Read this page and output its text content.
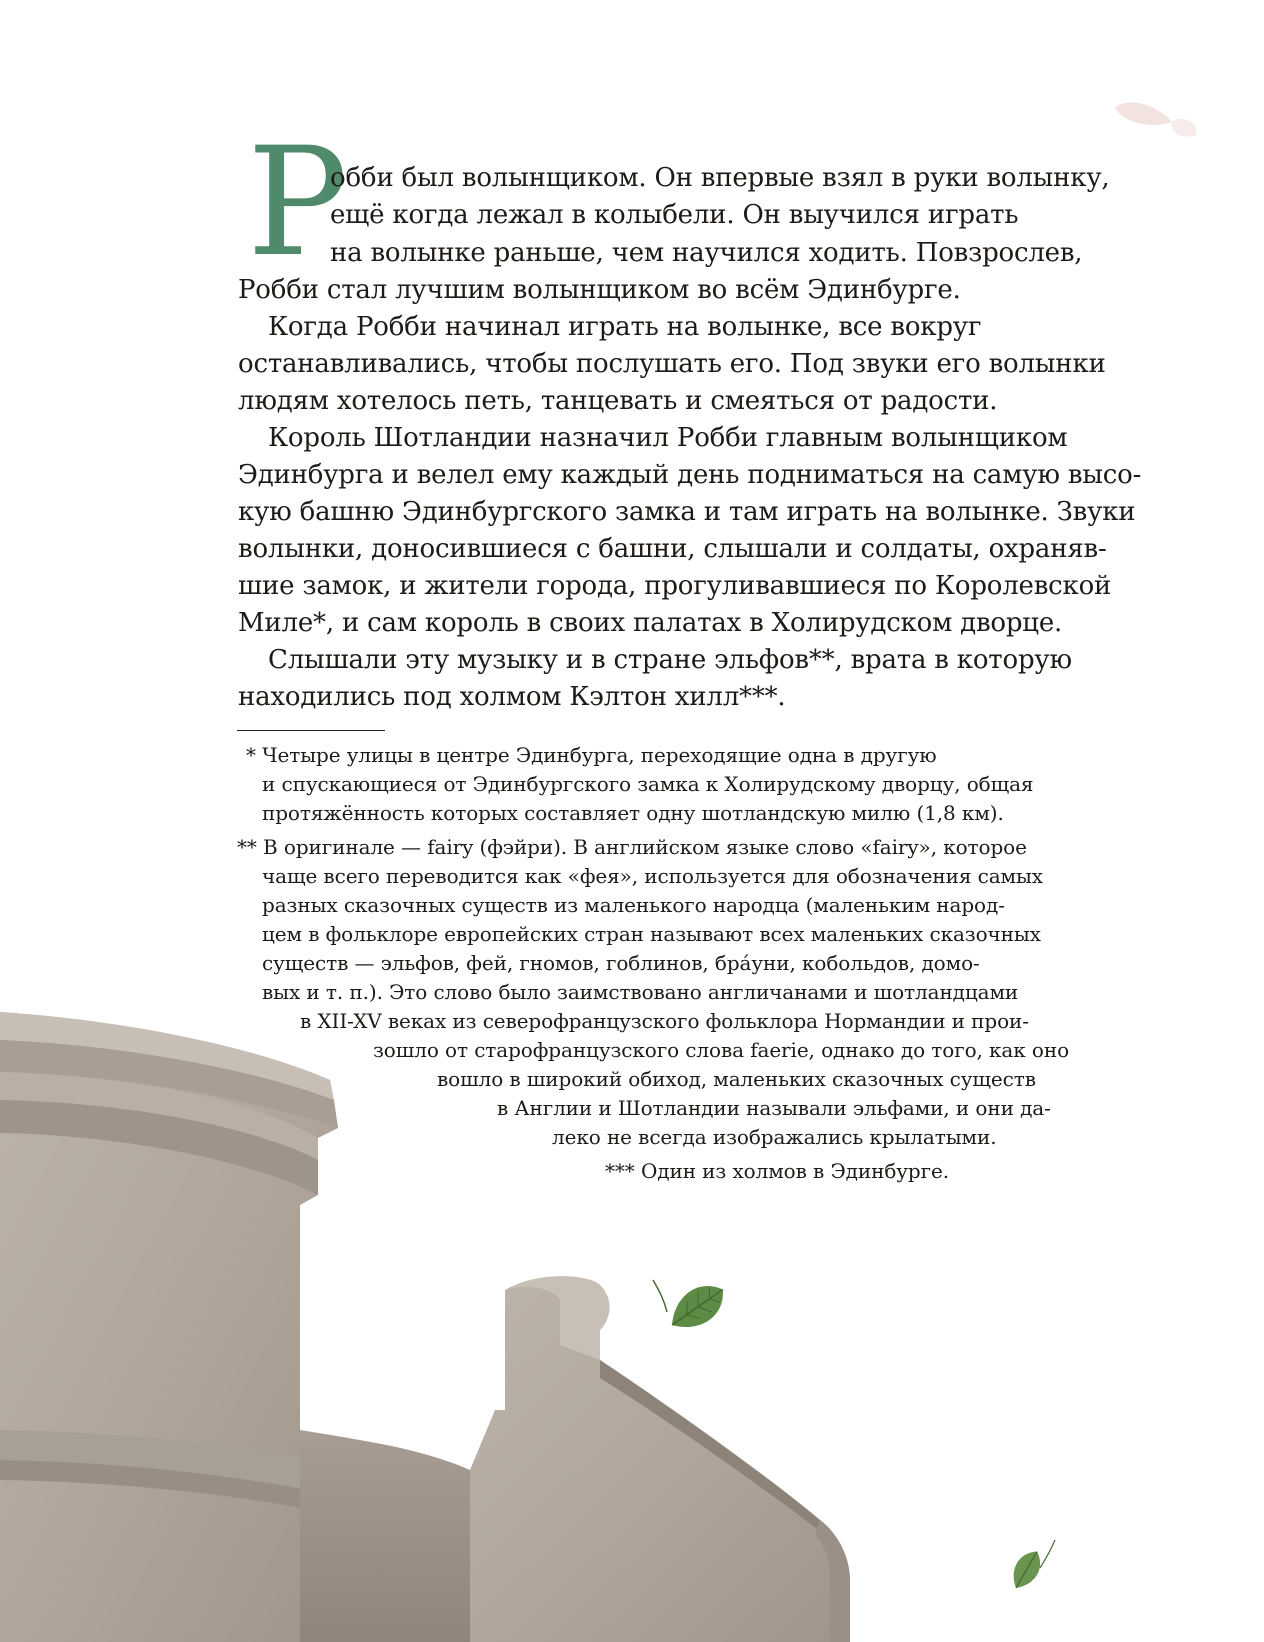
Р
обби был волынщиком. Он впервые взял в руки волынку,
ещё когда лежал в колыбели. Он выучился играть
на волынке раньше, чем научился ходить. Повзрослев,
Робби стал лучшим волынщиком во всём Эдинбурге.
Когда Робби начинал играть на волынке, все вокруг
останавливались, чтобы послушать его. Под звуки его волынки
людям хотелось петь, танцевать и смеяться от радости.
Король Шотландии назначил Робби главным волынщиком
Эдинбурга и велел ему каждый день подниматься на самую высо-
кую башню Эдинбургского замка и там играть на волынке. Звуки
волынки, доносившиеся с башни, слышали и солдаты, охраняв-
шие замок, и жители города, прогуливавшиеся по Королевской
Миле*, и сам король в своих палатах в Холирудском дворце.
Слышали эту музыку и в стране эльфов**, врата в которую
находились под холмом Кэлтон хилл***.
* Четыре улицы в центре Эдинбурга, переходящие одна в другую
и спускающиеся от Эдинбургского замка к Холирудскому дворцу, общая
протяжённость которых составляет одну шотландскую милю (1,8 км).
** В оригинале — fairy (фэйри). В английском языке слово «fairy», которое
чаще всего переводится как «фея», используется для обозначения самых
разных сказочных существ из маленького народца (маленьким народ-
цем в фольклоре европейских стран называют всех маленьких сказочных
существ — эльфов, фей, гномов, гоблинов, бра́уни, кобольдов, домо-
вых и т. п.). Это слово было заимствовано англичанами и шотландцами
в XII-XV веках из северофранцузского фольклора Нормандии и прои-
зошло от старофранцузского слова faerie, однако до того, как оно
вошло в широкий обиход, маленьких сказочных существ
в Англии и Шотландии называли эльфами, и они да-
леко не всегда изображались крылатыми.
*** Один из холмов в Эдинбурге.
